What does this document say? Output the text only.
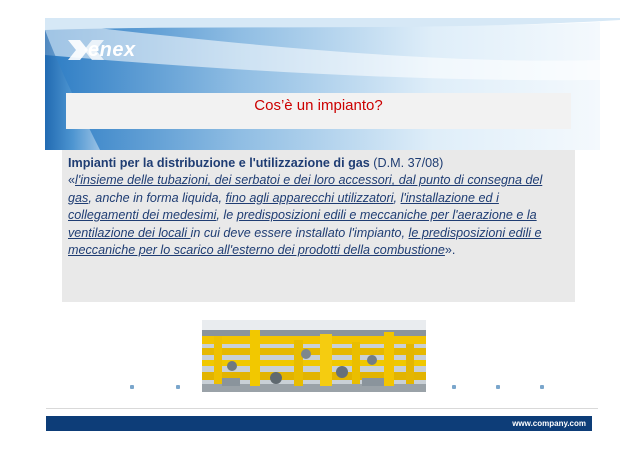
enex
Cos’è un impianto?
Impianti per la distribuzione e l'utilizzazione di gas (D.M. 37/08)
«l'insieme delle tubazioni, dei serbatoi e dei loro accessori, dal punto di consegna del gas, anche in forma liquida, fino agli apparecchi utilizzatori, l'installazione ed i collegamenti dei medesimi, le predisposizioni edili e meccaniche per l'aerazione e la ventilazione dei locali in cui deve essere installato l'impianto, le predisposizioni edili e meccaniche per lo scarico all'esterno dei prodotti della combustione».
www.company.com
